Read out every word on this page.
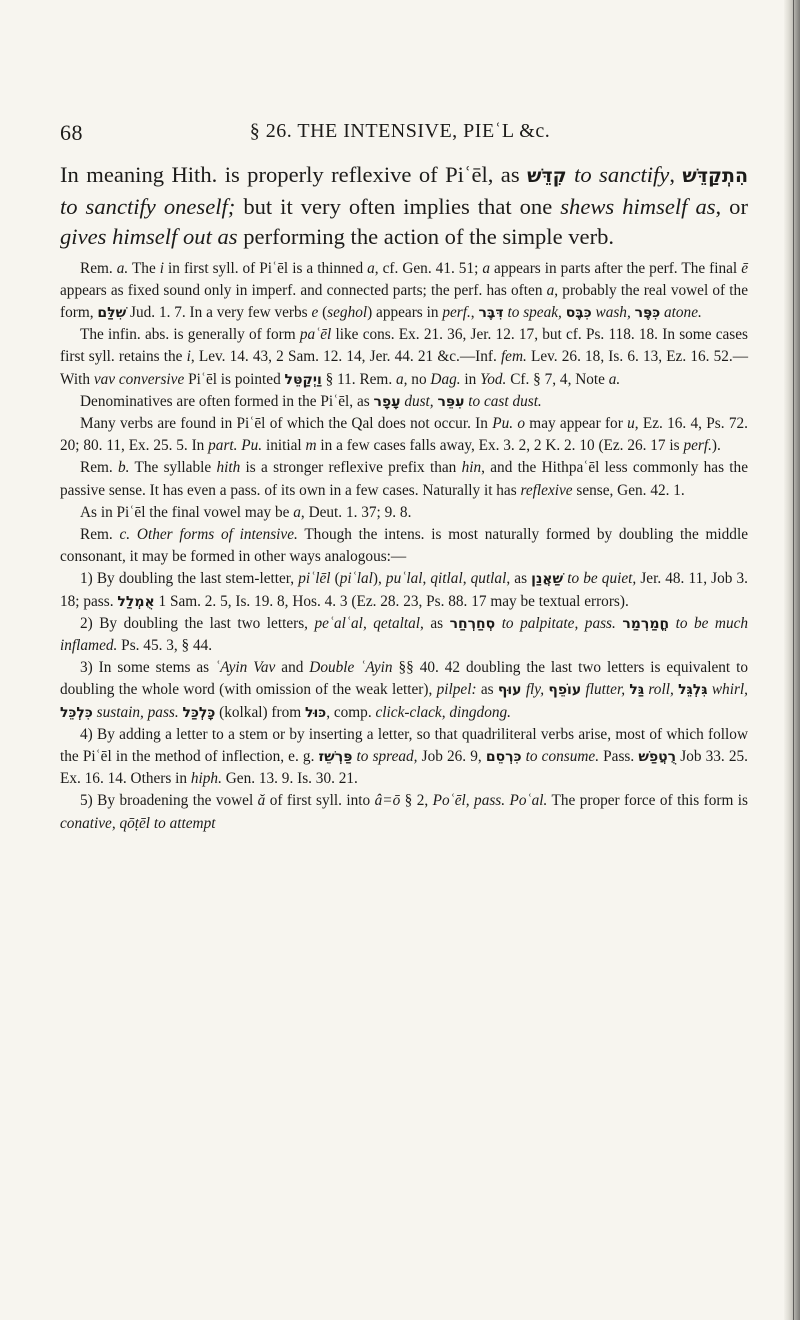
68	§ 26. THE INTENSIVE, PIEʿL &c.

In meaning Hith. is properly reflexive of Piʿēl, as קִדֵּשׁ to sanctify, הִתְקַדֵּשׁ to sanctify oneself; but it very often implies that one shews himself as, or gives himself out as performing the action of the simple verb.

Rem. a. The i in first syll. of Piʿēl is a thinned a, cf. Gen. 41. 51; a appears in parts after the perf. The final ē appears as fixed sound only in imperf. and connected parts; the perf. has often a, probably the real vowel of the form, שִׁלַּם Jud. 1. 7. In a very few verbs e (seghol) appears in perf., דִּבֶּר to speak, כִּבֶּס wash, כִּפֶּר atone.

The infin. abs. is generally of form paʿēl like cons. Ex. 21. 36, Jer. 12. 17, but cf. Ps. 118. 18. In some cases first syll. retains the i, Lev. 14. 43, 2 Sam. 12. 14, Jer. 44. 21 &c.—Inf. fem. Lev. 26. 18, Is. 6. 13, Ez. 16. 52.—With vav conversive Piʿēl is pointed וַיְקַטֵּל § 11. Rem. a, no Dag. in Yod. Cf. § 7, 4, Note a.

Denominatives are often formed in the Piʿēl, as עָפָר dust, עִפֵּר to cast dust.

Many verbs are found in Piʿēl of which the Qal does not occur. In Pu. o may appear for u, Ez. 16. 4, Ps. 72. 20; 80. 11, Ex. 25. 5. In part. Pu. initial m in a few cases falls away, Ex. 3. 2, 2 K. 2. 10 (Ez. 26. 17 is perf.).

Rem. b. The syllable hith is a stronger reflexive prefix than hin, and the Hithpaʿēl less commonly has the passive sense. It has even a pass. of its own in a few cases. Naturally it has reflexive sense, Gen. 42. 1.

As in Piʿēl the final vowel may be a, Deut. 1. 37; 9. 8.

Rem. c. Other forms of intensive. Though the intens. is most naturally formed by doubling the middle consonant, it may be formed in other ways analogous:—

1) By doubling the last stem-letter, piʿlēl (piʿlal), puʿlal, qitlal, qutlal, as שַׁאֲנַן to be quiet, Jer. 48. 11, Job 3. 18; pass. אֻמְלַל 1 Sam. 2. 5, Is. 19. 8, Hos. 4. 3 (Ez. 28. 23, Ps. 88. 17 may be textual errors).

2) By doubling the last two letters, peʿalʿal, qetaltal, as סְחַרְחַר to palpitate, pass. חֳמַרְמַר to be much inflamed. Ps. 45. 3, § 44.

3) In some stems as ʿAyin Vav and Double ʿAyin §§ 40. 42 doubling the last two letters is equivalent to doubling the whole word (with omission of the weak letter), pilpel: as עוּף fly, עוֹפֵף flutter, גַּל roll, גִּלְגֵּל whirl, כִּלְכֵּל sustain, pass. כָּלְכַּל (kolkal) from כּוּל, comp. click-clack, dingdong.

4) By adding a letter to a stem or by inserting a letter, so that quadriliteral verbs arise, most of which follow the Piʿēl in the method of inflection, e. g. פַּרְשֵׁז to spread, Job 26. 9, כִּרְסֵם to consume. Pass. רֻטֲפַשׁ Job 33. 25. Ex. 16. 14. Others in hiph. Gen. 13. 9. Is. 30. 21.

5) By broadening the vowel ă of first syll. into â=ō § 2, Poʿēl, pass. Poʿal. The proper force of this form is conative, qōṭēl to attempt
